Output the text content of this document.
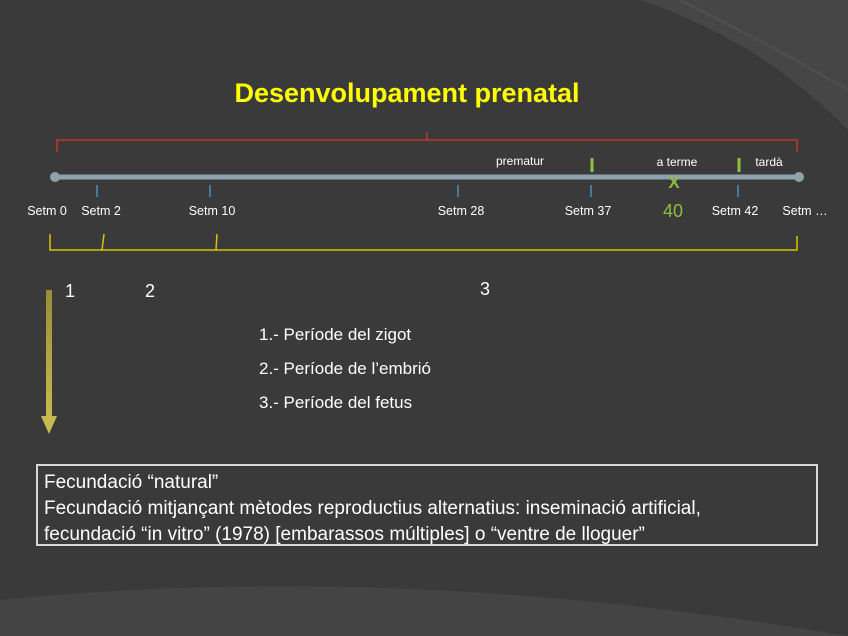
Desenvolupament prenatal
prematur	a terme	tardà
X
40
Setm 0 Setm 2	Setm 10	Setm 28	Setm 37	Setm 42 Setm …
1	2	3
1.- Període del zigot
2.- Període de l’embrió
3.- Període del fetus
Fecundació “natural”
Fecundació mitjançant mètodes reproductius alternatius: inseminació artificial,
fecundació “in vitro” (1978) [embarassos múltiples] o “ventre de lloguer”
